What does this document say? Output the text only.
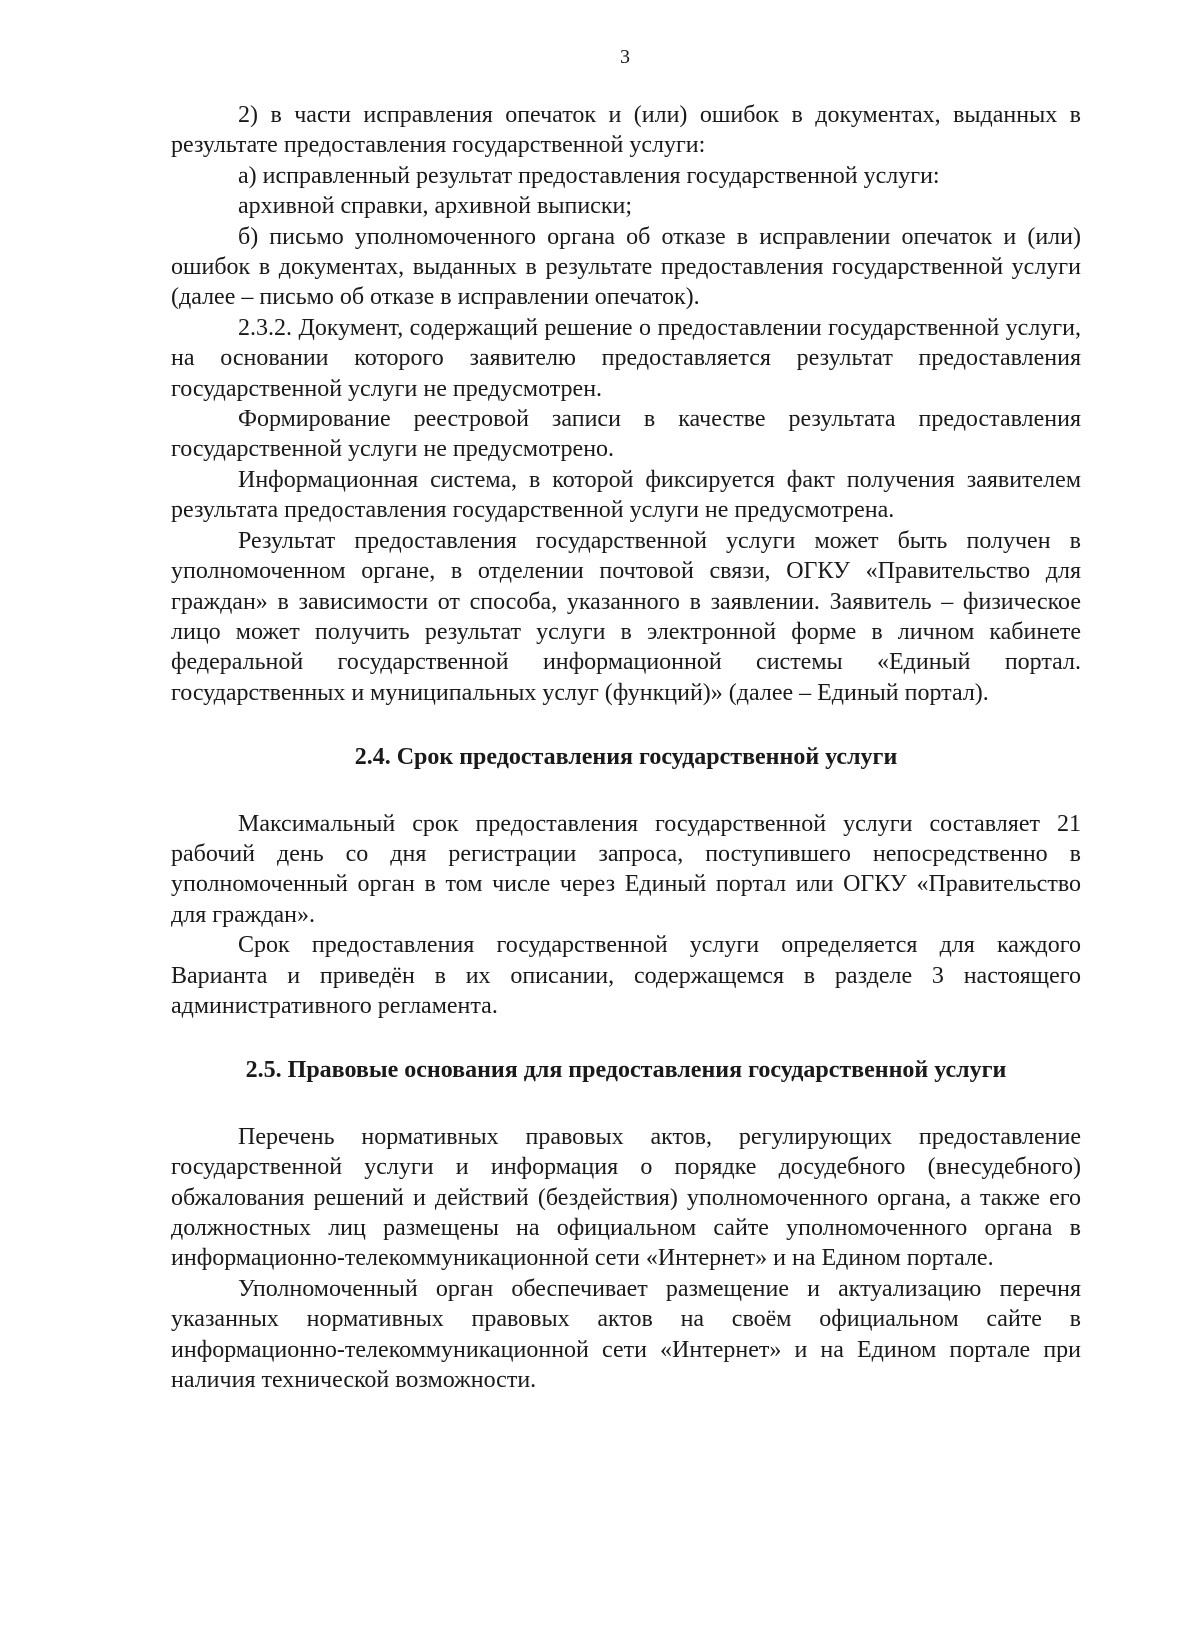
3

2) в части исправления опечаток и (или) ошибок в документах, выданных в результате предоставления государственной услуги:

а) исправленный результат предоставления государственной услуги:

архивной справки, архивной выписки;

б) письмо уполномоченного органа об отказе в исправлении опечаток и (или) ошибок в документах, выданных в результате предоставления государственной услуги (далее – письмо об отказе в исправлении опечаток).

2.3.2. Документ, содержащий решение о предоставлении государственной услуги, на основании которого заявителю предоставляется результат предоставления государственной услуги не предусмотрен.

Формирование реестровой записи в качестве результата предоставления государственной услуги не предусмотрено.

Информационная система, в которой фиксируется факт получения заявителем результата предоставления государственной услуги не предусмотрена.

Результат предоставления государственной услуги может быть получен в уполномоченном органе, в отделении почтовой связи, ОГКУ «Правительство для граждан» в зависимости от способа, указанного в заявлении. Заявитель – физическое лицо может получить результат услуги в электронной форме в личном кабинете федеральной государственной информационной системы «Единый портал. государственных и муниципальных услуг (функций)» (далее – Единый портал).

2.4. Срок предоставления государственной услуги

Максимальный срок предоставления государственной услуги составляет 21 рабочий день со дня регистрации запроса, поступившего непосредственно в уполномоченный орган в том числе через Единый портал или ОГКУ «Правительство для граждан».

Срок предоставления государственной услуги определяется для каждого Варианта и приведён в их описании, содержащемся в разделе 3 настоящего административного регламента.

2.5. Правовые основания для предоставления государственной услуги

Перечень нормативных правовых актов, регулирующих предоставление государственной услуги и информация о порядке досудебного (внесудебного) обжалования решений и действий (бездействия) уполномоченного органа, а также его должностных лиц размещены на официальном сайте уполномоченного органа в информационно-телекоммуникационной сети «Интернет» и на Едином портале.

Уполномоченный орган обеспечивает размещение и актуализацию перечня указанных нормативных правовых актов на своём официальном сайте в информационно-телекоммуникационной сети «Интернет» и на Едином портале при наличия технической возможности.
